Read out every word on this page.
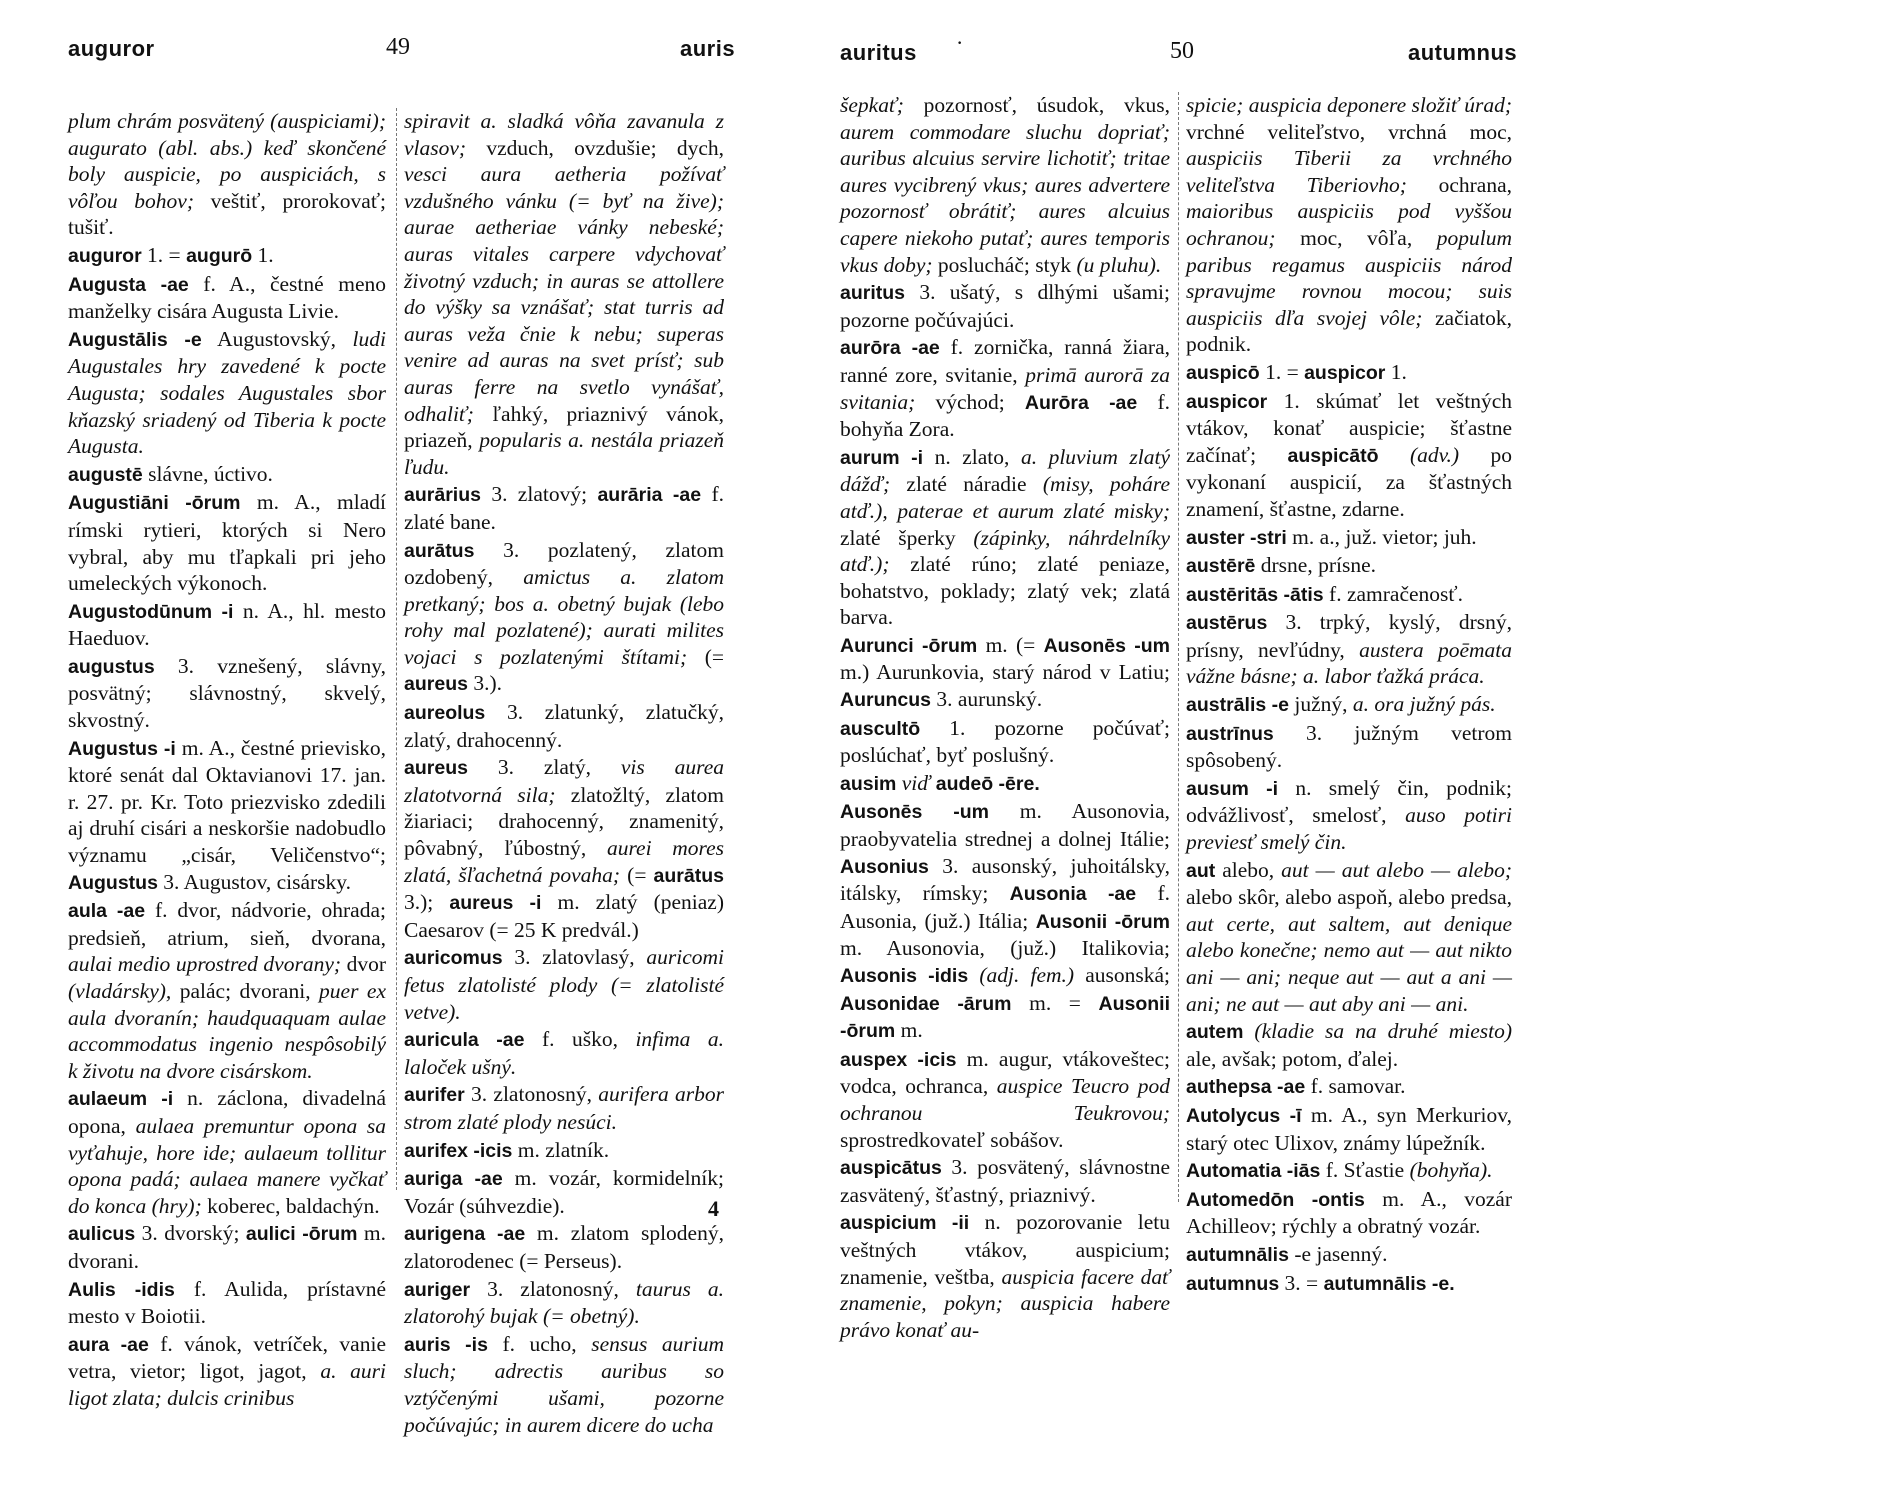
auguror	49	auris

plum chrám posvätený (auspiciami); augurato (abl. abs.) keď skončené boly auspicie, po auspiciách, s vôľou bohov; veštiť, prorokovať; tušiť.

auguror 1. = augurō 1.

Augusta -ae f. A., čestné meno manželky cisára Augusta Livie.

Augustālis -e Augustovský, ludi Augustales hry zavedené k pocte Augusta; sodales Augustales sbor kňazský sriadený od Tiberia k pocte Augusta.

augustē slávne, úctivo.

Augustiāni -ōrum m. A., mladí rímski rytieri, ktorých si Nero vybral, aby mu tľapkali pri jeho umeleckých výkonoch.

Augustodūnum -i n. A., hl. mesto Haeduov.

augustus 3. vznešený, slávny, posvätný; slávnostný, skvelý, skvostný.

Augustus -i m. A., čestné prievisko, ktoré senát dal Oktavianovi 17. jan. r. 27. pr. Kr. Toto priezvisko zdedili aj druhí cisári a neskoršie nadobudlo významu „cisár, Veličenstvo“; Augustus 3. Augustov, cisársky.

aula -ae f. dvor, nádvorie, ohrada; predsieň, atrium, sieň, dvorana, aulai medio uprostred dvorany; dvor (vladársky), palác; dvorani, puer ex aula dvoranín; haudquaquam aulae accommodatus ingenio nespôsobilý k životu na dvore cisárskom.

aulaeum -i n. záclona, divadelná opona, aulaea premuntur opona sa vyťahuje, hore ide; aulaeum tollitur opona padá; aulaea manere vyčkať do konca (hry); koberec, baldachýn.

aulicus 3. dvorský; aulici -ōrum m. dvorani.

Aulis -idis f. Aulida, prístavné mesto v Boiotii.

aura -ae f. vánok, vetríček, vanie vetra, vietor; ligot, jagot, a. auri ligot zlata; dulcis crinibus

spiravit a. sladká vôňa zavanula z vlasov; vzduch, ovzdušie; dych, vesci aura aetheria požívať vzdušného vánku (= byť na žive); aurae aetheriae vánky nebeské; auras vitales carpere vdychovať životný vzduch; in auras se attollere do výšky sa vznášať; stat turris ad auras veža čnie k nebu; superas venire ad auras na svet prísť; sub auras ferre na svetlo vynášať, odhaliť; ľahký, priaznivý vánok, priazeň, popularis a. nestála priazeň ľudu.

aurārius 3. zlatový; aurāria -ae f. zlaté bane.

aurātus 3. pozlatený, zlatom ozdobený, amictus a. zlatom pretkaný; bos a. obetný bujak (lebo rohy mal pozlatené); aurati milites vojaci s pozlatenými štítami; (= aureus 3.).

aureolus 3. zlatunký, zlatučký, zlatý, drahocenný.

aureus 3. zlatý, vis aurea zlatotvorná sila; zlatožltý, zlatom žiariaci; drahocenný, znamenitý, pôvabný, ľúbostný, aurei mores zlatá, šľachetná povaha; (= aurātus 3.); aureus -i m. zlatý (peniaz) Caesarov (= 25 K predvál.)

auricomus 3. zlatovlasý, auricomi fetus zlatolisté plody (= zlatolisté vetve).

auricula -ae f. uško, infima a. laloček ušný.

aurifer 3. zlatonosný, aurifera arbor strom zlaté plody nesúci.

aurifex -icis m. zlatník.

auriga -ae m. vozár, kormidelník; Vozár (súhvezdie).

aurigena -ae m. zlatom splodený, zlatorodenec (= Perseus).

auriger 3. zlatonosný, taurus a. zlatorohý bujak (= obetný).

auris -is f. ucho, sensus aurium sluch; adrectis auribus so vztýčenými ušami, pozorne počúvajúc; in aurem dicere do ucha

4
auritus ·	50	autumnus

šepkať; pozornosť, úsudok, vkus, aurem commodare sluchu dopriať; auribus alcuius servire lichotiť; tritae aures vycibrený vkus; aures advertere pozornosť obrátiť; aures alcuius capere niekoho putať; aures temporis vkus doby; poslucháč; styk (u pluhu).

auritus 3. ušatý, s dlhými ušami; pozorne počúvajúci.

aurōra -ae f. zornička, ranná žiara, ranné zore, svitanie, primā aurorā za svitania; východ; Aurōra -ae f. bohyňa Zora.

aurum -i n. zlato, a. pluvium zlatý dážď; zlaté náradie (misy, poháre atď.), paterae et aurum zlaté misky; zlaté šperky (zápinky, náhrdelníky atď.); zlaté rúno; zlaté peniaze, bohatstvo, poklady; zlatý vek; zlatá barva.

Aurunci -ōrum m. (= Ausonēs -um m.) Aurunkovia, starý národ v Latiu; Auruncus 3. aurunský.

auscultō 1. pozorne počúvať; poslúchať, byť poslušný.

ausim viď audeō -ēre.

Ausonēs -um m. Ausonovia, praobyvatelia strednej a dolnej Itálie; Ausonius 3. ausonský, juhoitálsky, itálsky, rímsky; Ausonia -ae f. Ausonia, (juž.) Itália; Ausonii -ōrum m. Ausonovia, (juž.) Italikovia; Ausonis -idis (adj. fem.) ausonská; Ausonidae -ārum m. = Ausonii -ōrum m.

auspex -icis m. augur, vtákoveštec; vodca, ochranca, auspice Teucro pod ochranou Teukrovou; sprostredkovateľ sobášov.

auspicātus 3. posvätený, slávnostne zasvätený, šťastný, priaznivý.

auspicium -ii n. pozorovanie letu veštných vtákov, auspicium; znamenie, veštba, auspicia facere dať znamenie, pokyn; auspicia habere právo konať au-

spicie; auspicia deponere složiť úrad; vrchné veliteľstvo, vrchná moc, auspiciis Tiberii za vrchného veliteľstva Tiberiovho; ochrana, maioribus auspiciis pod vyššou ochranou; moc, vôľa, populum paribus regamus auspiciis národ spravujme rovnou mocou; suis auspiciis dľa svojej vôle; začiatok, podnik.

auspicō 1. = auspicor 1.

auspicor 1. skúmať let veštných vtákov, konať auspicie; šťastne začínať; auspicātō (adv.) po vykonaní auspicií, za šťastných znamení, šťastne, zdarne.

auster -stri m. a., juž. vietor; juh.

austērē drsne, prísne.

austēritās -ātis f. zamračenosť.

austērus 3. trpký, kyslý, drsný, prísny, nevľúdny, austera poēmata vážne básne; a. labor ťažká práca.

austrālis -e južný, a. ora južný pás.

austrīnus 3. južným vetrom spôsobený.

ausum -i n. smelý čin, podnik; odvážlivosť, smelosť, auso potiri previesť smelý čin.

aut alebo, aut — aut alebo — alebo; alebo skôr, alebo aspoň, alebo predsa, aut certe, aut saltem, aut denique alebo konečne; nemo aut — aut nikto ani — ani; neque aut — aut a ani — ani; ne aut — aut aby ani — ani.

autem (kladie sa na druhé miesto) ale, avšak; potom, ďalej.

authepsa -ae f. samovar.

Autolycus -ī m. A., syn Merkuriov, starý otec Ulixov, známy lúpežník.

Automatia -iās f. Sťastie (bohyňa).

Automedōn -ontis m. A., vozár Achilleov; rýchly a obratný vozár.

autumnālis -e jasenný.

autumnus 3. = autumnālis -e.
